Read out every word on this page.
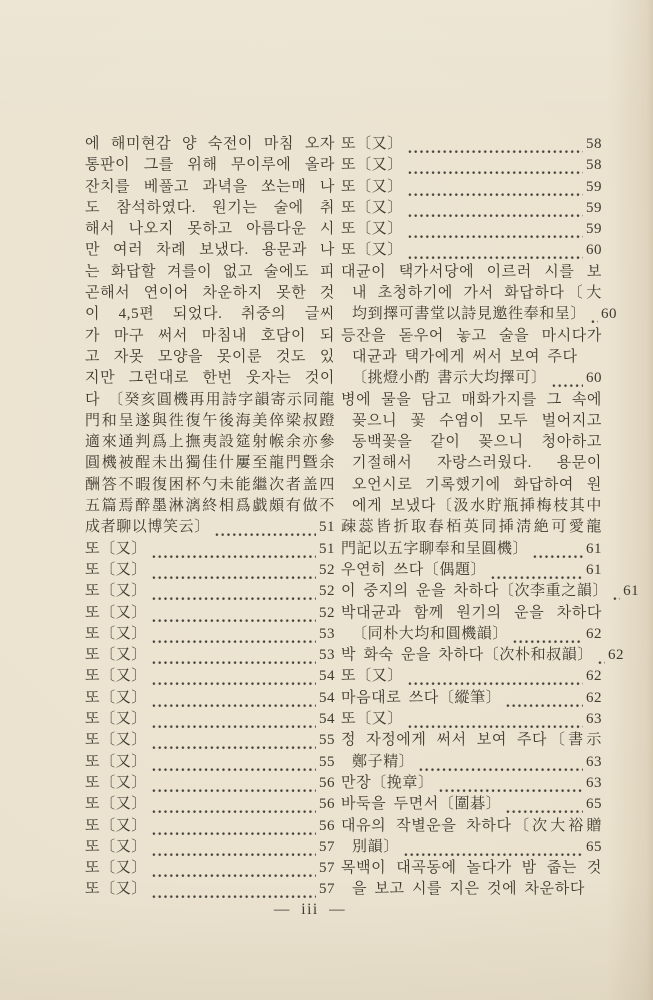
에 해미현감 양 숙전이 마침 오자
통판이 그를 위해 무이루에 올라
잔치를 베풀고 과녁을 쏘는매 나
도 참석하였다. 원기는 술에 취
해서 나오지 못하고 아름다운 시
만 여러 차례 보냈다. 용문과 나
는 화답할 겨를이 없고 술에도 피
곤해서 연이어 차운하지 못한 것
이 4,5편 되었다. 취중의 글씨
가 마구 써서 마침내 호담이 되
고 자못 모양을 못이룬 것도 있
지만 그런대로 한번 웃자는 것이
다 〔癸亥圓機再用詩字韻寄示同龍
門和呈遂與徃復午後海美倅梁叔蹬
適來通判爲上撫夷設筵射帿余亦參
圓機被酲未出獨佳什屢至龍門曁余
酬答不暇復困杯勺未能繼次者盖四
五篇焉醉墨淋漓終相爲戱頗有做不
成者聊以博笑云〕	51
또〔又〕	51
또〔又〕	52
또〔又〕	52
또〔又〕	52
또〔又〕	53
또〔又〕	53
또〔又〕	54
또〔又〕	54
또〔又〕	54
또〔又〕	55
또〔又〕	55
또〔又〕	56
또〔又〕	56
또〔又〕	56
또〔又〕	57
또〔又〕	57
또〔又〕	57
또〔又〕	58
또〔又〕	58
또〔又〕	59
또〔又〕	59
또〔又〕	59
또〔又〕	60
대균이 택가서당에 이르러 시를 보
내 초청하기에 가서 화답하다〔大
均到擇可書堂以詩見邀徃奉和呈〕 60
등잔을 돋우어 놓고 술을 마시다가
대균과 택가에게 써서 보여 주다
〔挑燈小酌 書示大均擇可〕	60
병에 물을 담고 매화가지를 그 속에
꽂으니 꽃 수염이 모두 벌어지고
동백꽃을 같이 꽂으니 청아하고
기절해서 자랑스러웠다. 용문이
오언시로 기록했기에 화답하여 원
에게 보냈다〔汲水貯瓶揷梅枝其中
疎蕊皆折取春栢英同揷淸絶可愛龍
門記以五字聊奉和呈圓機〕	61
우연히 쓰다〔偶題〕	61
이 중지의 운을 차하다〔次李重之韻〕 61
박대균과 함께 원기의 운을 차하다
〔同朴大均和圓機韻〕	62
박 화숙 운을 차하다〔次朴和叔韻〕 62
또〔又〕	62
마음대로 쓰다〔縱筆〕	62
또〔又〕	63
정 자정에게 써서 보여 주다〔書示
鄭子精〕	63
만장〔挽章〕	63
바둑을 두면서〔圍碁〕	65
대유의 작별운을 차하다〔次大裕贈
別韻〕	65
목백이 대곡동에 놀다가 밤 줍는 것
을 보고 시를 지은 것에 차운하다
— iii —
